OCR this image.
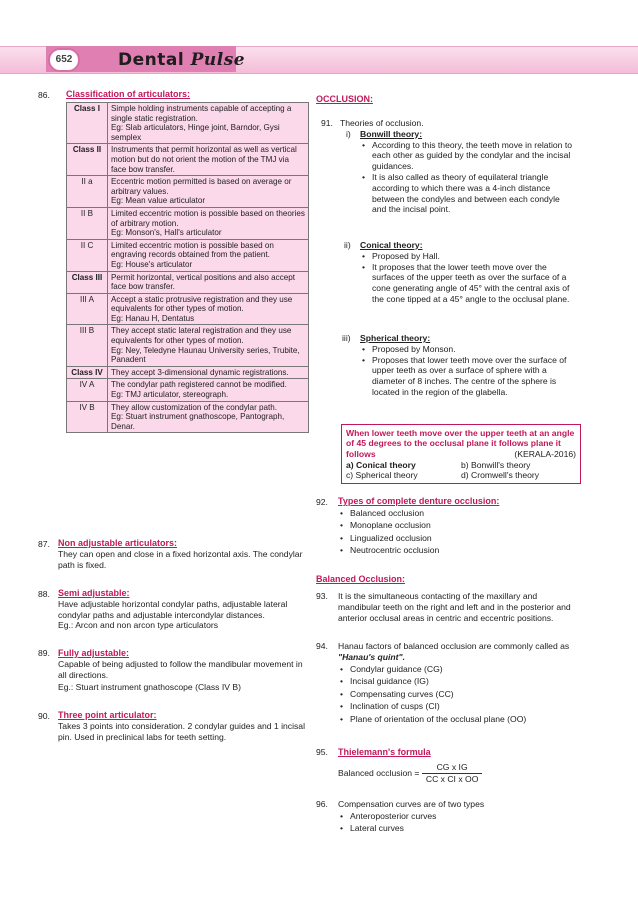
652	Dental Pulse
86. Classification of articulators:
Class I	Simple holding instruments capable of accepting a single static registration.
Eg: Slab articulators, Hinge joint, Barndor, Gysi semplex

Class II	Instruments that permit horizontal as well as vertical motion but do not orient the motion of the TMJ via face bow transfer.

II a	Eccentric motion permitted is based on average or arbitrary values.
Eg: Mean value articulator

II B	Limited eccentric motion is possible based on theories of arbitrary motion.
Eg: Monson's, Hall's articulator

II C	Limited eccentric motion is possible based on engraving records obtained from the patient.
Eg: House's articulator

Class III	Permit horizontal, vertical positions and also accept face bow transfer.

III A	Accept a static protrusive registration and they use equivalents for other types of motion.
Eg: Hanau H, Dentatus

III B	They accept static lateral registration and they use equivalents for other types of motion.
Eg: Ney, Teledyne Haunau University series, Trubite, Panadent

Class IV	They accept 3-dimensional dynamic registrations.

IV A	The condylar path registered cannot be modified.
Eg: TMJ articulator, stereograph.

IV B	They allow customization of the condylar path.
Eg: Stuart instrument gnathoscope, Pantograph, Denar.
87. Non adjustable articulators:
They can open and close in a fixed horizontal axis. The condylar path is fixed.
88. Semi adjustable:
Have adjustable horizontal condylar paths, adjustable lateral condylar paths and adjustable intercondylar distances.
Eg.: Arcon and non arcon type articulators
89. Fully adjustable:
Capable of being adjusted to follow the mandibular movement in all directions.
Eg.: Stuart instrument gnathoscope (Class IV B)
90. Three point articulator:
Takes 3 points into consideration. 2 condylar guides and 1 incisal pin. Used in preclinical labs for teeth setting.
OCCLUSION:
91. Theories of occlusion.
i) Bonwill theory:
• According to this theory, the teeth move in relation to each other as guided by the condylar and the incisal guidances.
• It is also called as theory of equilateral triangle according to which there was a 4-inch distance between the condyles and between each condyle and the incisal point.
ii) Conical theory:
• Proposed by Hall.
• It proposes that the lower teeth move over the surfaces of the upper teeth as over the surface of a cone generating angle of 45° with the central axis of the cone tipped at a 45° angle to the occlusal plane.
iii) Spherical theory:
• Proposed by Monson.
• Proposes that lower teeth move over the surface of upper teeth as over a surface of sphere with a diameter of 8 inches. The centre of the sphere is located in the region of the glabella.
When lower teeth move over the upper teeth at an angle of 45 degrees to the occlusal plane it follows plane it follows	(KERALA-2016)
a) Conical theory	b) Bonwill's theory
c) Spherical theory	d) Cromwell's theory
92. Types of complete denture occlusion:
• Balanced occlusion
• Monoplane occlusion
• Lingualized occlusion
• Neutrocentric occlusion
Balanced Occlusion:
93. It is the simultaneous contacting of the maxillary and mandibular teeth on the right and left and in the posterior and anterior occlusal areas in centric and eccentric positions.
94. Hanau factors of balanced occlusion are commonly called as "Hanau's quint".
• Condylar guidance (CG)
• Incisal guidance (IG)
• Compensating curves (CC)
• Inclination of cusps (CI)
• Plane of orientation of the occlusal plane (OO)
95. Thielemann's formula
Balanced occlusion = $\frac{\text{CG x IG}}{\text{CC x CI x OO}}$
96. Compensation curves are of two types
• Anteroposterior curves
• Lateral curves
